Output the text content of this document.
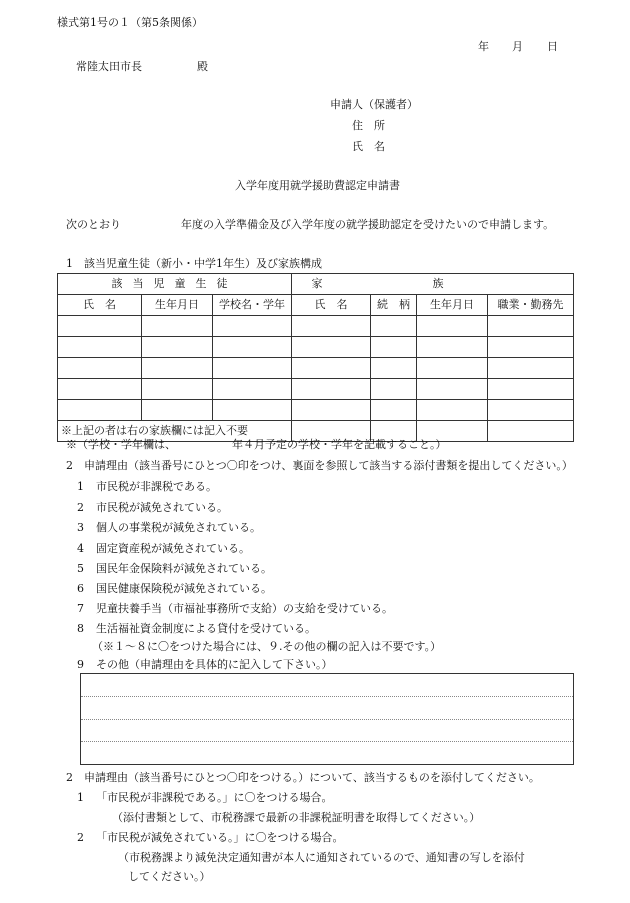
様式第1号の１（第5条関係）
年 月 日
常陸太田市長	殿
申請人（保護者）
住　所
氏　名
入学年度用就学援助費認定申請書
次のとおり	年度の入学準備金及び入学年度の就学援助認定を受けたいので申請します。
1　該当児童生徒（新小・中学1年生）及び家族構成
該当児童生徒			家族			
氏　名	生年月日	学校名・学年	氏　名	続　柄	生年月日	職業・勤務先

※上記の者は右の家族欄には記入不要						
※（学校・学年欄は、	年４月予定の学校・学年を記載すること。）
2　申請理由（該当番号にひとつ〇印をつけ、裏面を参照して該当する添付書類を提出してください。）
1 市民税が非課税である。
2 市民税が減免されている。
3 個人の事業税が減免されている。
4 固定資産税が減免されている。
5 国民年金保険料が減免されている。
6 国民健康保険税が減免されている。
7 児童扶養手当（市福祉事務所で支給）の支給を受けている。
8 生活福祉資金制度による貸付を受けている。
（※１～８に〇をつけた場合には、９.その他の欄の記入は不要です。）
9 その他（申請理由を具体的に記入して下さい。）
2　申請理由（該当番号にひとつ〇印をつける。）について、該当するものを添付してください。
1 「市民税が非課税である。」に〇をつける場合。
（添付書類として、市税務課で最新の非課税証明書を取得してください。）
2 「市民税が減免されている。」に〇をつける場合。
（市税務課より減免決定通知書が本人に通知されているので、通知書の写しを添付
してください。）
